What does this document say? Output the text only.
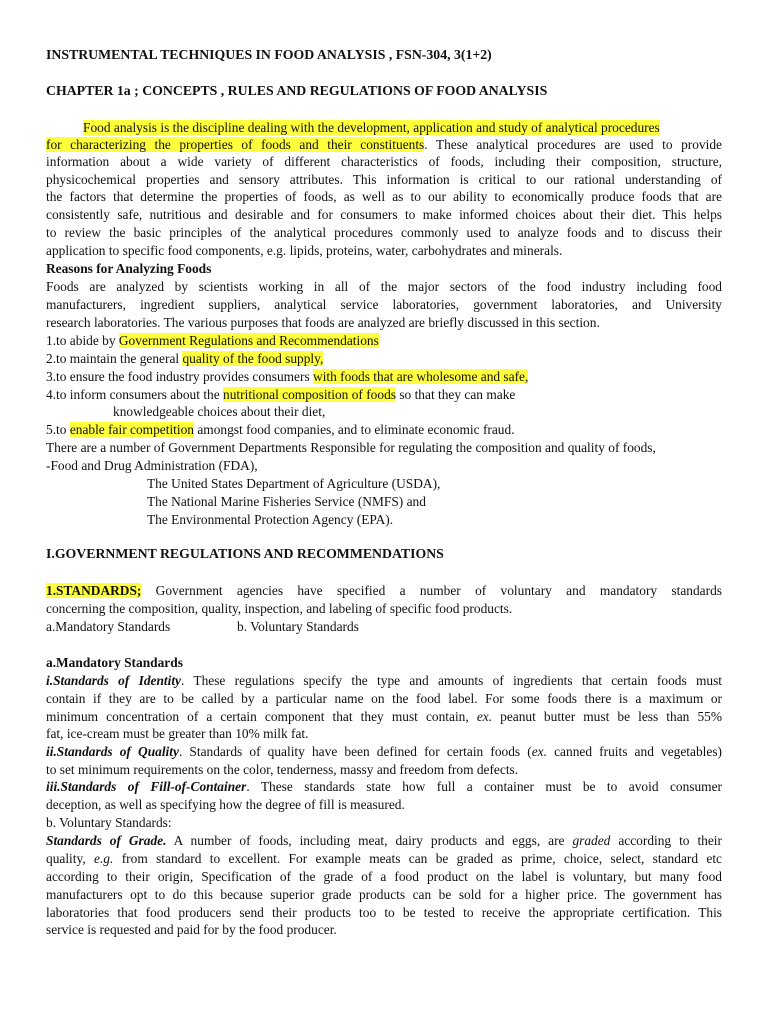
INSTRUMENTAL TECHNIQUES IN FOOD ANALYSIS , FSN-304, 3(1+2)
CHAPTER 1a ; CONCEPTS , RULES AND REGULATIONS OF FOOD ANALYSIS
Food analysis is the discipline dealing with the development, application and study of analytical procedures
for characterizing the properties of foods and their constituents. These analytical procedures are used to provide
information about a wide variety of different characteristics of foods, including their composition, structure,
physicochemical properties and sensory attributes. This information is critical to our rational understanding of
the factors that determine the properties of foods, as well as to our ability to economically produce foods that are
consistently safe, nutritious and desirable and for consumers to make informed choices about their diet. This helps
to review the basic principles of the analytical procedures commonly used to analyze foods and to discuss their
application to specific food components, e.g. lipids, proteins, water, carbohydrates and minerals.
Reasons for Analyzing Foods
Foods are analyzed by scientists working in all of the major sectors of the food industry including food
manufacturers, ingredient suppliers, analytical service laboratories, government laboratories, and University
research laboratories. The various purposes that foods are analyzed are briefly discussed in this section.
1.to abide by Government Regulations and Recommendations
2.to maintain the general quality of the food supply,
3.to ensure the food industry provides consumers with foods that are wholesome and safe,
4.to inform consumers about the nutritional composition of foods so that they can make
knowledgeable choices about their diet,
5.to enable fair competition amongst food companies, and to eliminate economic fraud.
There are a number of Government Departments Responsible for regulating the composition and quality of foods,
-Food and Drug Administration (FDA),
The United States Department of Agriculture (USDA),
The National Marine Fisheries Service (NMFS) and
The Environmental Protection Agency (EPA).
I.GOVERNMENT REGULATIONS AND RECOMMENDATIONS
1.STANDARDS; Government agencies have specified a number of voluntary and mandatory standards
concerning the composition, quality, inspection, and labeling of specific food products.
a.Mandatory Standards	b. Voluntary Standards
a.Mandatory Standards
i.Standards of Identity. These regulations specify the type and amounts of ingredients that certain foods must
contain if they are to be called by a particular name on the food label. For some foods there is a maximum or
minimum concentration of a certain component that they must contain, ex. peanut butter must be less than 55%
fat, ice-cream must be greater than 10% milk fat.
ii.Standards of Quality. Standards of quality have been defined for certain foods (ex. canned fruits and vegetables)
to set minimum requirements on the color, tenderness, massy and freedom from defects.
iii.Standards of Fill-of-Container. These standards state how full a container must be to avoid consumer
deception, as well as specifying how the degree of fill is measured.
b. Voluntary Standards:
Standards of Grade. A number of foods, including meat, dairy products and eggs, are graded according to their
quality, e.g. from standard to excellent. For example meats can be graded as prime, choice, select, standard etc
according to their origin, Specification of the grade of a food product on the label is voluntary, but many food
manufacturers opt to do this because superior grade products can be sold for a higher price. The government has
laboratories that food producers send their products too to be tested to receive the appropriate certification. This
service is requested and paid for by the food producer.
